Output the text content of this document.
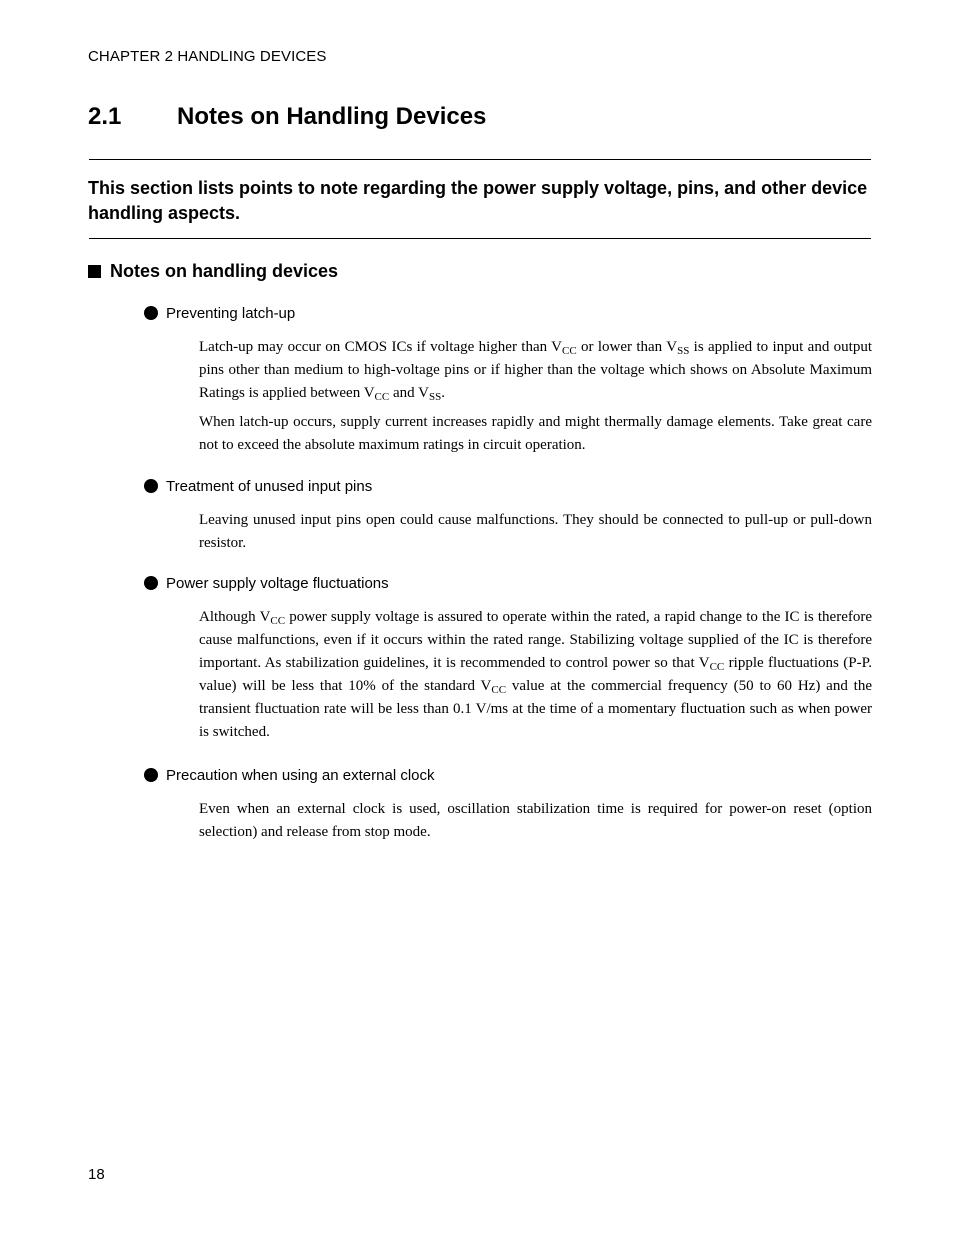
CHAPTER 2 HANDLING DEVICES
2.1 Notes on Handling Devices
This section lists points to note regarding the power supply voltage, pins, and other device handling aspects.
Notes on handling devices
Preventing latch-up

Latch-up may occur on CMOS ICs if voltage higher than $V_{CC}$ or lower than $V_{SS}$ is applied to input and output pins other than medium to high-voltage pins or if higher than the voltage which shows on Absolute Maximum Ratings is applied between $V_{CC}$ and $V_{SS}$.

When latch-up occurs, supply current increases rapidly and might thermally damage elements. Take great care not to exceed the absolute maximum ratings in circuit operation.

Treatment of unused input pins

Leaving unused input pins open could cause malfunctions. They should be connected to pull-up or pull-down resistor.

Power supply voltage fluctuations

Although $V_{CC}$ power supply voltage is assured to operate within the rated, a rapid change to the IC is therefore cause malfunctions, even if it occurs within the rated range. Stabilizing voltage supplied of the IC is therefore important. As stabilization guidelines, it is recommended to control power so that $V_{CC}$ ripple fluctuations (P-P. value) will be less that 10% of the standard $V_{CC}$ value at the commercial frequency (50 to 60 Hz) and the transient fluctuation rate will be less than 0.1 V/ms at the time of a momentary fluctuation such as when power is switched.

Precaution when using an external clock

Even when an external clock is used, oscillation stabilization time is required for power-on reset (option selection) and release from stop mode.

18
